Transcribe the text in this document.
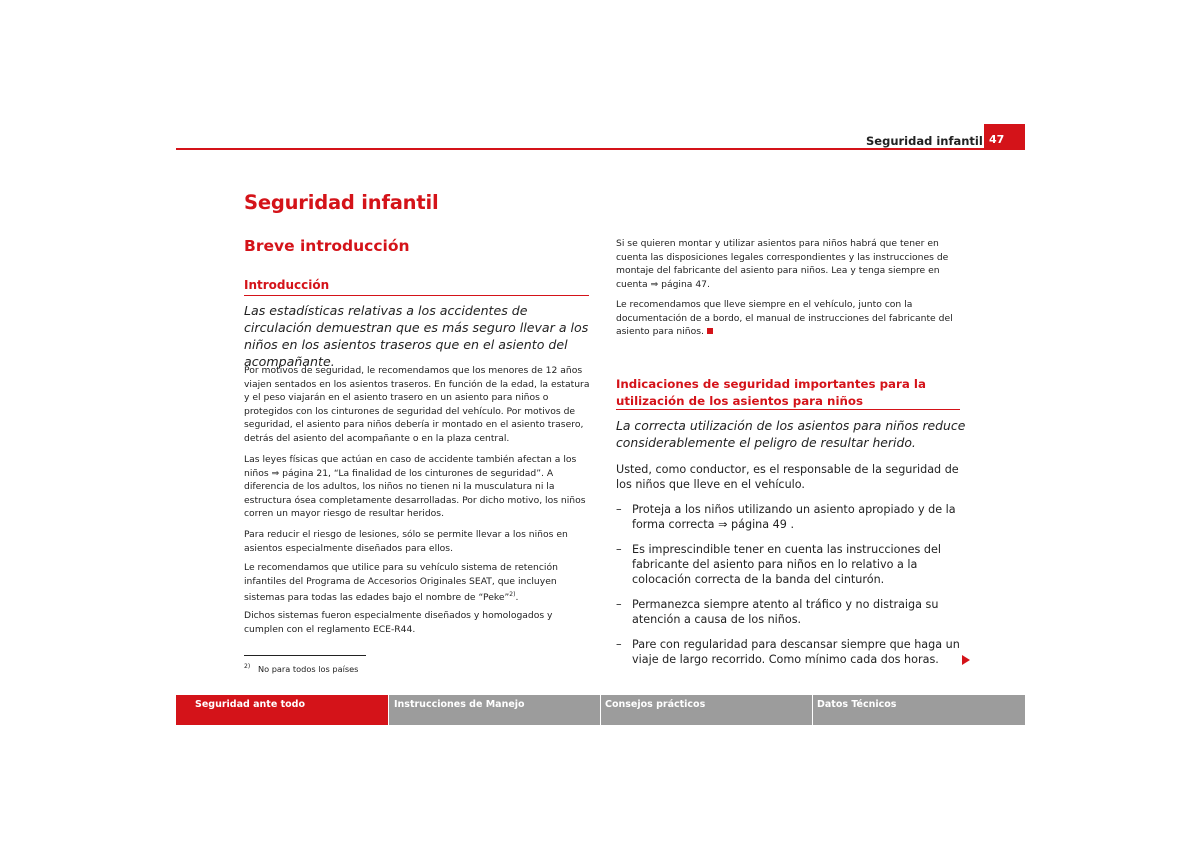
Seguridad infantil 47
Seguridad infantil
Breve introducción
Introducción
Las estadísticas relativas a los accidentes de circulación demuestran que es más seguro llevar a los niños en los asientos traseros que en el asiento del acompañante.
Por motivos de seguridad, le recomendamos que los menores de 12 años viajen sentados en los asientos traseros. En función de la edad, la estatura y el peso viajarán en el asiento trasero en un asiento para niños o protegidos con los cinturones de seguridad del vehículo. Por motivos de seguridad, el asiento para niños debería ir montado en el asiento trasero, detrás del asiento del acompañante o en la plaza central.
Las leyes físicas que actúan en caso de accidente también afectan a los niños ⇒ página 21, “La finalidad de los cinturones de seguridad”. A diferencia de los adultos, los niños no tienen ni la musculatura ni la estructura ósea completamente desarrolladas. Por dicho motivo, los niños corren un mayor riesgo de resultar heridos.
Para reducir el riesgo de lesiones, sólo se permite llevar a los niños en asientos especialmente diseñados para ellos.
Le recomendamos que utilice para su vehículo sistema de retención infantiles del Programa de Accesorios Originales SEAT, que incluyen sistemas para todas las edades bajo el nombre de “Peke”$^{2)}$.
Dichos sistemas fueron especialmente diseñados y homologados y cumplen con el reglamento ECE-R44.
$^{2)}$ No para todos los países
Si se quieren montar y utilizar asientos para niños habrá que tener en cuenta las disposiciones legales correspondientes y las instrucciones de montaje del fabricante del asiento para niños. Lea y tenga siempre en cuenta ⇒ página 47.
Le recomendamos que lleve siempre en el vehículo, junto con la documentación de a bordo, el manual de instrucciones del fabricante del asiento para niños.
Indicaciones de seguridad importantes para la utilización de los asientos para niños
La correcta utilización de los asientos para niños reduce considerablemente el peligro de resultar herido.
Usted, como conductor, es el responsable de la seguridad de los niños que lleve en el vehículo.
– Proteja a los niños utilizando un asiento apropiado y de la forma correcta ⇒ página 49 .
– Es imprescindible tener en cuenta las instrucciones del fabricante del asiento para niños en lo relativo a la colocación correcta de la banda del cinturón.
– Permanezca siempre atento al tráfico y no distraiga su atención a causa de los niños.
– Pare con regularidad para descansar siempre que haga un viaje de largo recorrido. Como mínimo cada dos horas.
Seguridad ante todo	Instrucciones de Manejo	Consejos prácticos	Datos Técnicos
